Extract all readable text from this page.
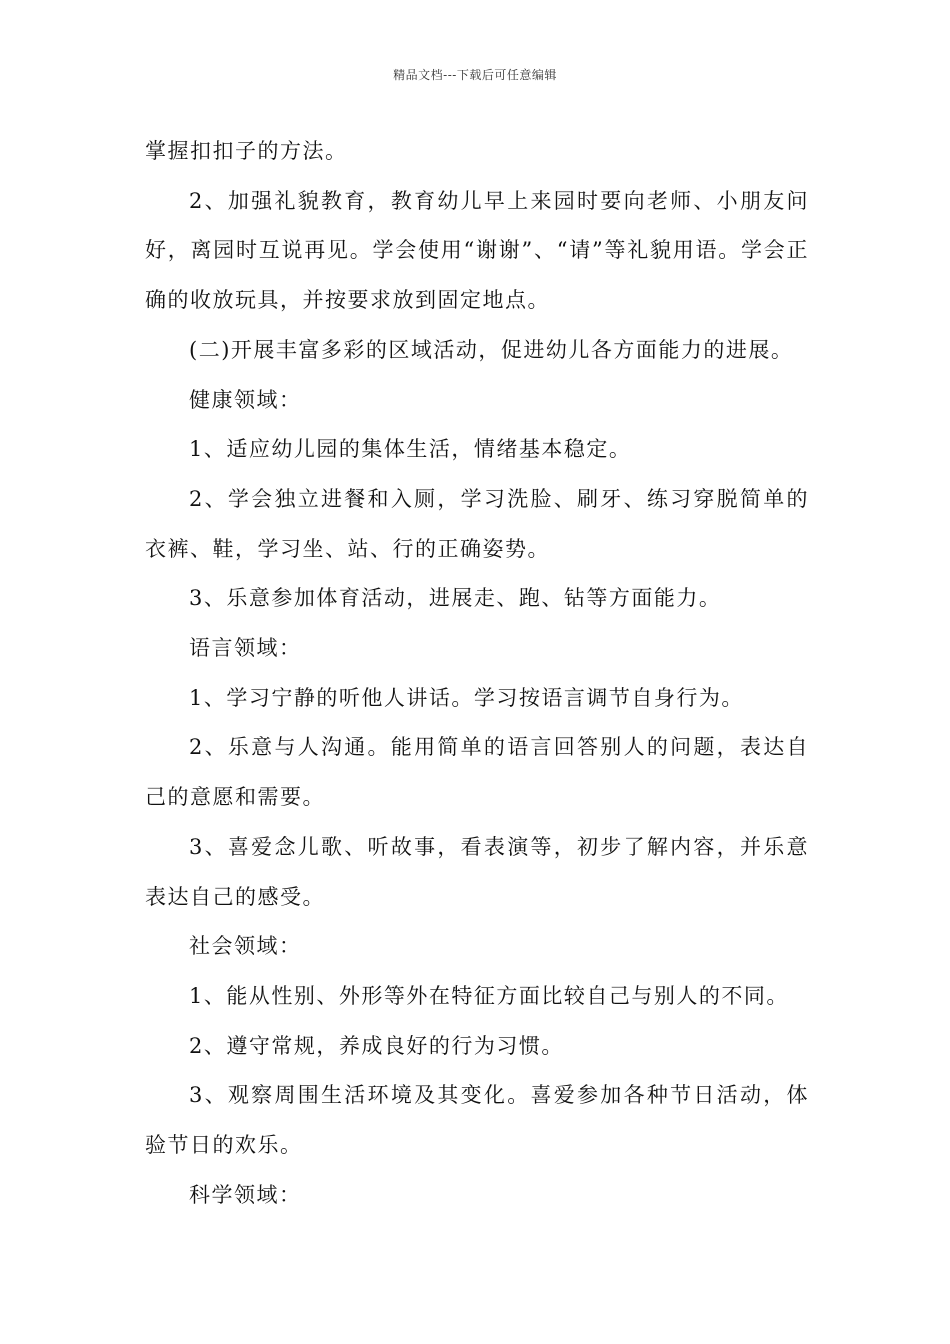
精品文档---下载后可任意编辑

掌握扣扣子的方法。

2、加强礼貌教育，教育幼儿早上来园时要向老师、小朋友问好，离园时互说再见。学会使用“谢谢”、“请”等礼貌用语。学会正确的收放玩具，并按要求放到固定地点。

(二)开展丰富多彩的区域活动，促进幼儿各方面能力的进展。

健康领域：

1、适应幼儿园的集体生活，情绪基本稳定。

2、学会独立进餐和入厕，学习洗脸、刷牙、练习穿脱简单的衣裤、鞋，学习坐、站、行的正确姿势。

3、乐意参加体育活动，进展走、跑、钻等方面能力。

语言领域：

1、学习宁静的听他人讲话。学习按语言调节自身行为。

2、乐意与人沟通。能用简单的语言回答别人的问题，表达自己的意愿和需要。

3、喜爱念儿歌、听故事，看表演等，初步了解内容，并乐意表达自己的感受。

社会领域：

1、能从性别、外形等外在特征方面比较自己与别人的不同。

2、遵守常规，养成良好的行为习惯。

3、观察周围生活环境及其变化。喜爱参加各种节日活动，体验节日的欢乐。

科学领域：
